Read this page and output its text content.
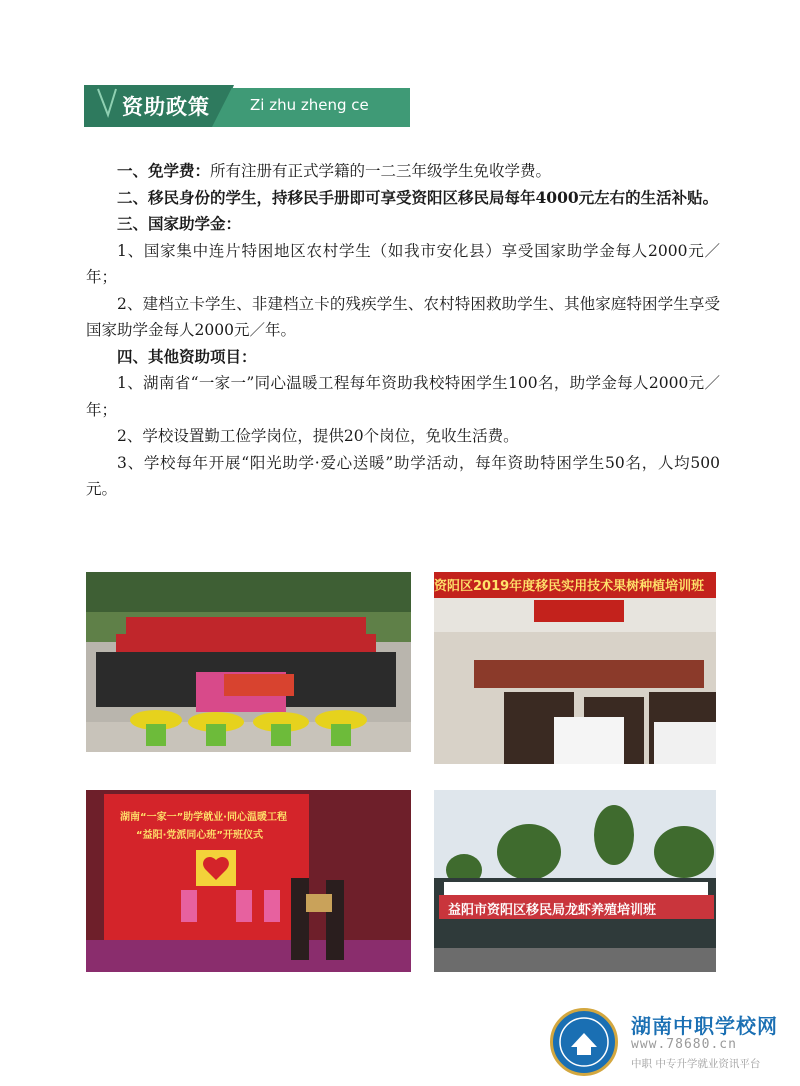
资助政策	Zi zhu zheng ce

一、免学费：所有注册有正式学籍的一二三年级学生免收学费。

二、移民身份的学生，持移民手册即可享受资阳区移民局每年4000元左右的生活补贴。

三、国家助学金：

1、国家集中连片特困地区农村学生（如我市安化县）享受国家助学金每人2000元／年；

2、建档立卡学生、非建档立卡的残疾学生、农村特困救助学生、其他家庭特困学生享受国家助学金每人2000元／年。

四、其他资助项目：

1、湖南省“一家一”同心温暖工程每年资助我校特困学生100名，助学金每人2000元／年；

2、学校设置勤工俭学岗位，提供20个岗位，免收生活费。

3、学校每年开展“阳光助学·爱心送暖”助学活动，每年资助特困学生50名，人均500元。

资阳区2019年度移民实用技术果树种植培训班
湖南“一家一”助学就业·同心温暖工程
“益阳·党派同心班”开班仪式
益阳市资阳区移民局龙虾养殖培训班
湖南中职学校网
www.78680.cn
中职 中专升学就业资讯平台
